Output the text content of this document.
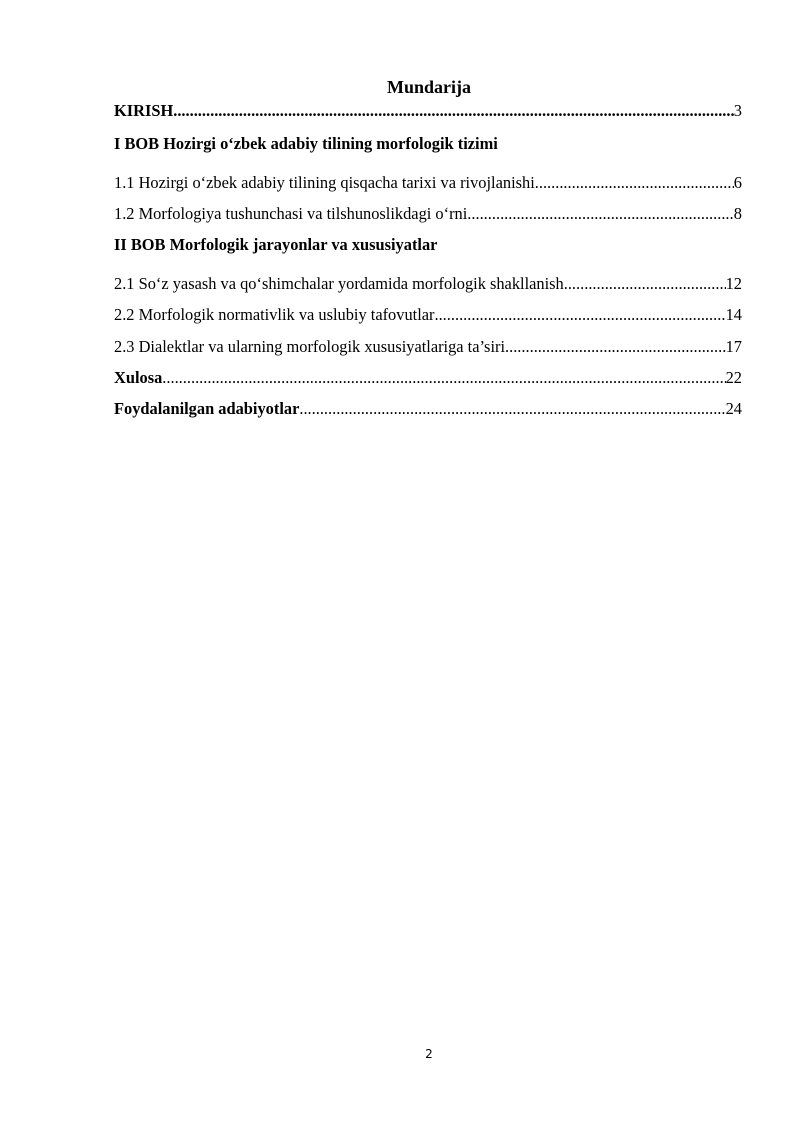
Mundarija
KIRISH .....	3
I BOB Hozirgi o‘zbek adabiy tilining morfologik tizimi
1.1 Hozirgi o‘zbek adabiy tilining qisqacha tarixi va rivojlanishi .....	6
1.2 Morfologiya tushunchasi va tilshunoslikdagi o‘rni .....	8
II BOB Morfologik jarayonlar va xususiyatlar
2.1 So‘z yasash va qo‘shimchalar yordamida morfologik shakllanish .....	12
2.2 Morfologik normativlik va uslubiy tafovutlar .....	14
2.3 Dialektlar va ularning morfologik xususiyatlariga ta’siri .....	17
Xulosa .....	22
Foydalanilgan adabiyotlar .....	24
2
